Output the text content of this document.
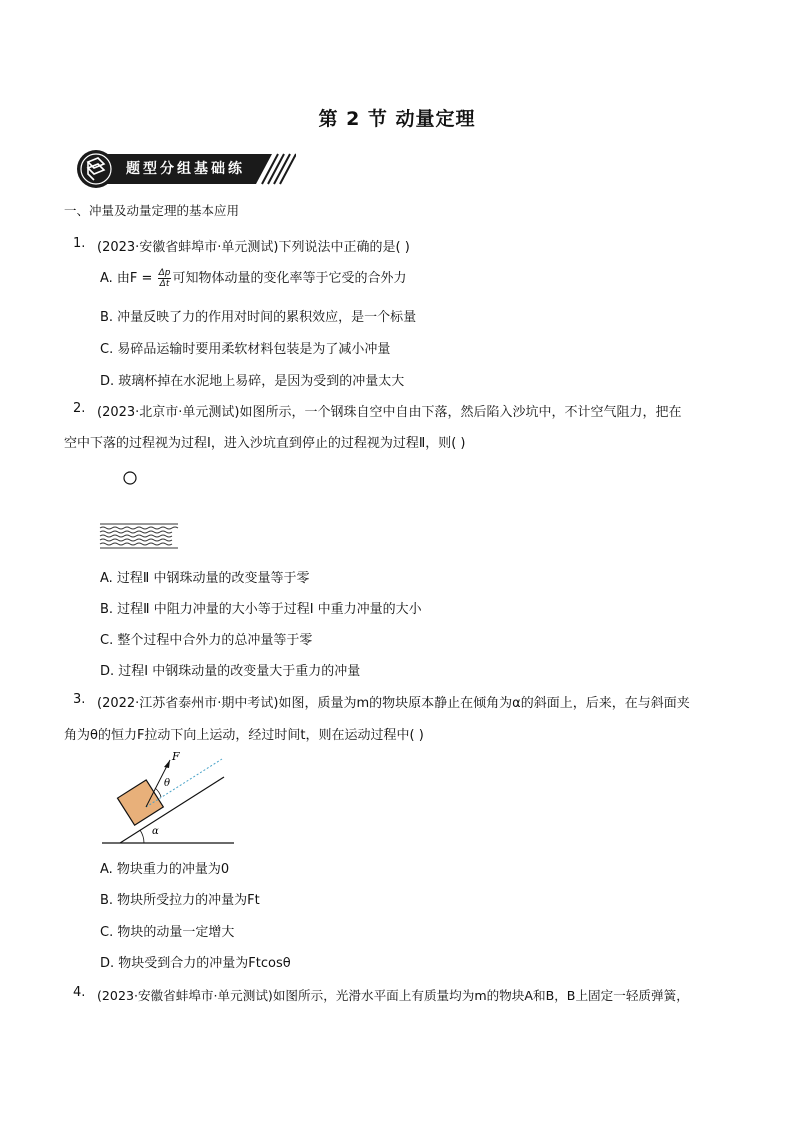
第 2 节 动量定理
题型分组基础练
一、冲量及动量定理的基本应用
1. (2023·安徽省蚌埠市·单元测试)下列说法中正确的是( )
A. 由$F = \frac{\Delta p}{\Delta t}$ 可知物体动量的变化率等于它受的合外力
B. 冲量反映了力的作用对时间的累积效应，是一个标量
C. 易碎品运输时要用柔软材料包装是为了减小冲量
D. 玻璃杯掉在水泥地上易碎，是因为受到的冲量太大
2. (2023·北京市·单元测试)如图所示，一个钢珠自空中自由下落，然后陷入沙坑中，不计空气阻力，把在
空中下落的过程视为过程Ⅰ，进入沙坑直到停止的过程视为过程Ⅱ，则( )
A. 过程Ⅱ 中钢珠动量的改变量等于零
B. 过程Ⅱ 中阻力冲量的大小等于过程Ⅰ 中重力冲量的大小
C. 整个过程中合外力的总冲量等于零
D. 过程Ⅰ 中钢珠动量的改变量大于重力的冲量
3. (2022·江苏省泰州市·期中考试)如图，质量为m的物块原本静止在倾角为α的斜面上，后来，在与斜面夹
角为θ的恒力F拉动下向上运动，经过时间t，则在运动过程中( )
α
F
θ
A. 物块重力的冲量为0
B. 物块所受拉力的冲量为Ft
C. 物块的动量一定增大
D. 物块受到合力的冲量为Ftcosθ
4. (2023·安徽省蚌埠市·单元测试)如图所示，光滑水平面上有质量均为m的物块A和B，B上固定一轻质弹簧，
